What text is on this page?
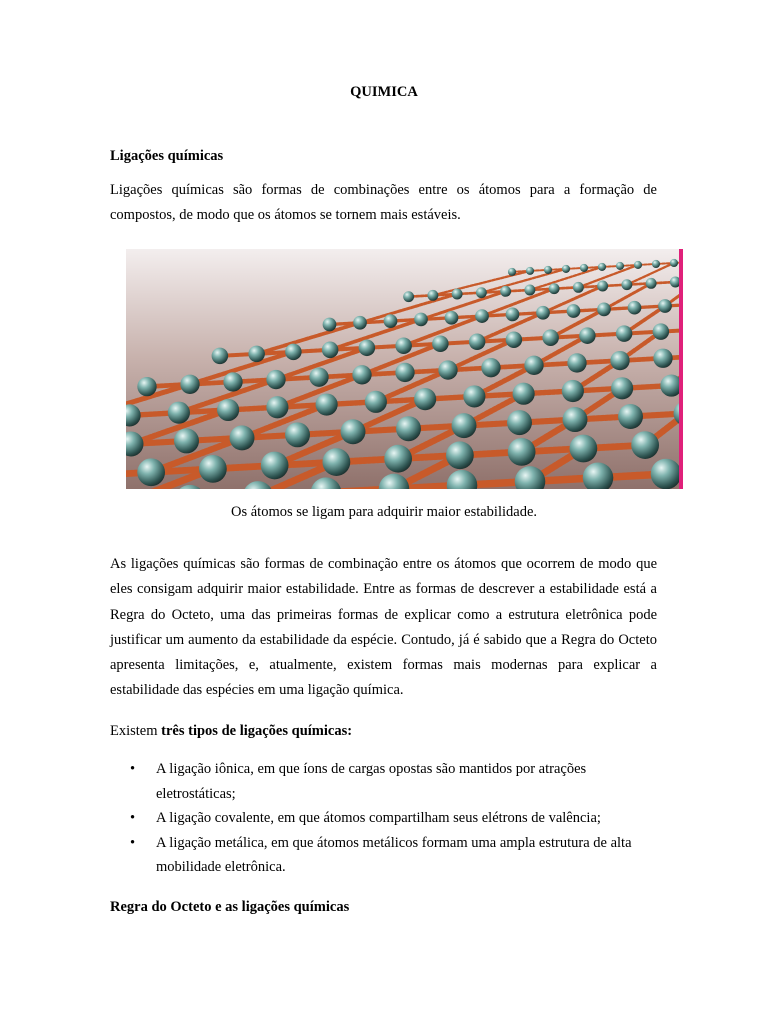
QUIMICA
Ligações químicas

Ligações químicas são formas de combinações entre os átomos para a formação de compostos, de modo que os átomos se tornem mais estáveis.

Os átomos se ligam para adquirir maior estabilidade.

As ligações químicas são formas de combinação entre os átomos que ocorrem de modo que eles consigam adquirir maior estabilidade. Entre as formas de descrever a estabilidade está a Regra do Octeto, uma das primeiras formas de explicar como a estrutura eletrônica pode justificar um aumento da estabilidade da espécie. Contudo, já é sabido que a Regra do Octeto apresenta limitações, e, atualmente, existem formas mais modernas para explicar a estabilidade das espécies em uma ligação química.

Existem três tipos de ligações químicas:
• A ligação iônica, em que íons de cargas opostas são mantidos por atrações eletrostáticas;
• A ligação covalente, em que átomos compartilham seus elétrons de valência;
• A ligação metálica, em que átomos metálicos formam uma ampla estrutura de alta mobilidade eletrônica.
Regra do Octeto e as ligações químicas
